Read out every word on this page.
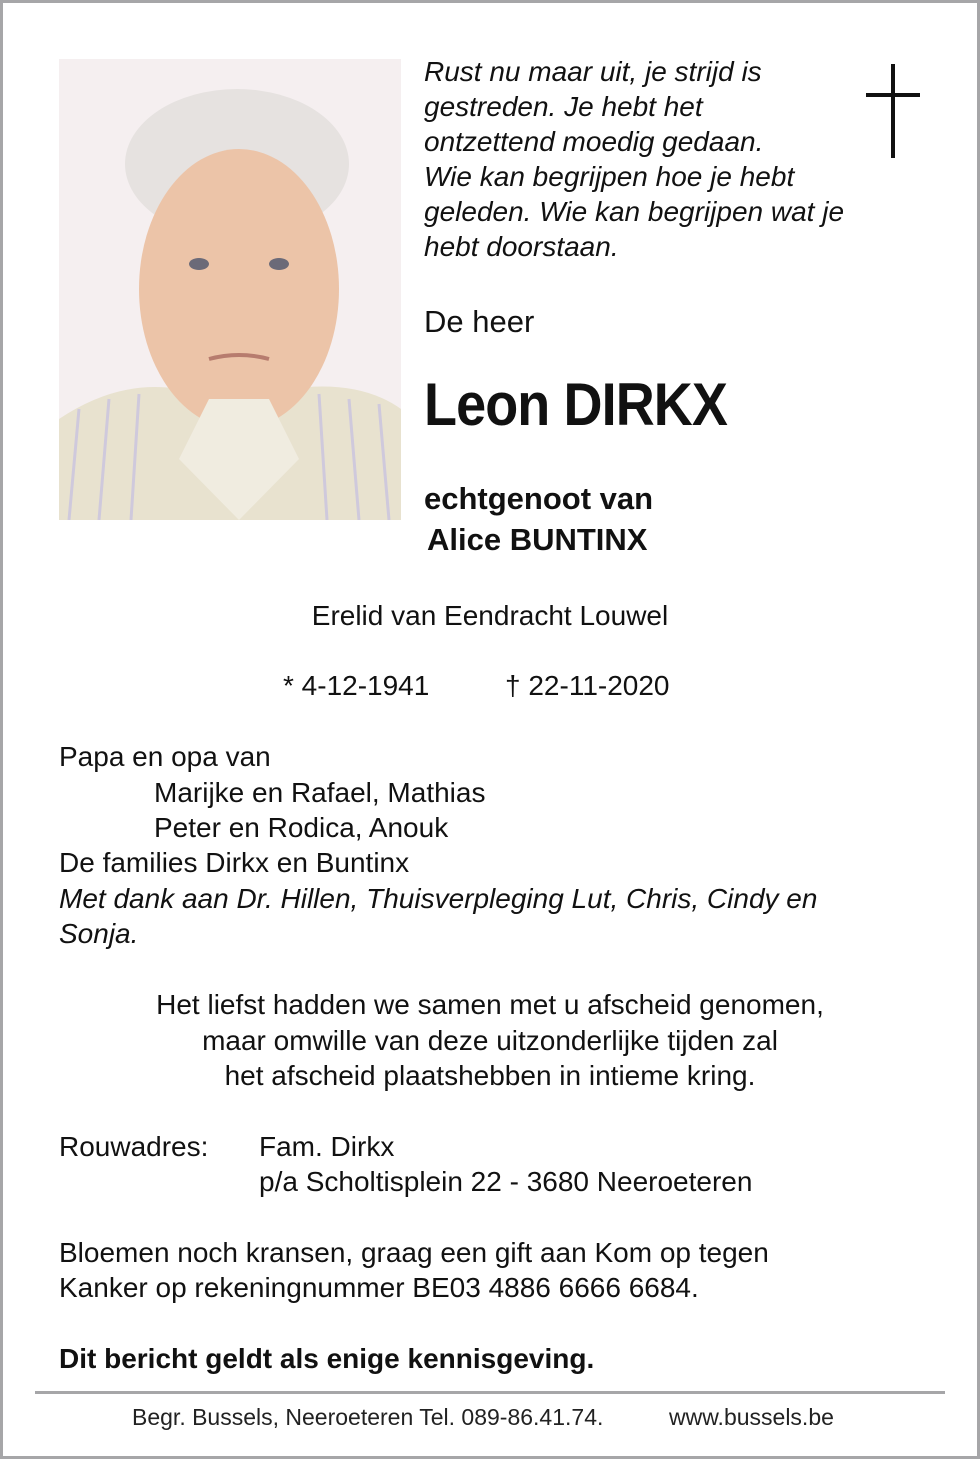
Rust nu maar uit, je strijd is
gestreden. Je hebt het
ontzettend moedig gedaan.
Wie kan begrijpen hoe je hebt
geleden. Wie kan begrijpen wat je
hebt doorstaan.
De heer
Leon DIRKX
echtgenoot van
Alice BUNTINX
Erelid van Eendracht Louwel
* 4-12-1941	† 22-11-2020
Papa en opa van
Marijke en Rafael, Mathias
Peter en Rodica, Anouk
De families Dirkx en Buntinx
Met dank aan Dr. Hillen, Thuisverpleging Lut, Chris, Cindy en
Sonja.
Het liefst hadden we samen met u afscheid genomen,
maar omwille van deze uitzonderlijke tijden zal
het afscheid plaatshebben in intieme kring.
Rouwadres: Fam. Dirkx
p/a Scholtisplein 22 - 3680 Neeroeteren
Bloemen noch kransen, graag een gift aan Kom op tegen
Kanker op rekeningnummer BE03 4886 6666 6684.
Dit bericht geldt als enige kennisgeving.
Begr. Bussels, Neeroeteren Tel. 089-86.41.74.	www.bussels.be
